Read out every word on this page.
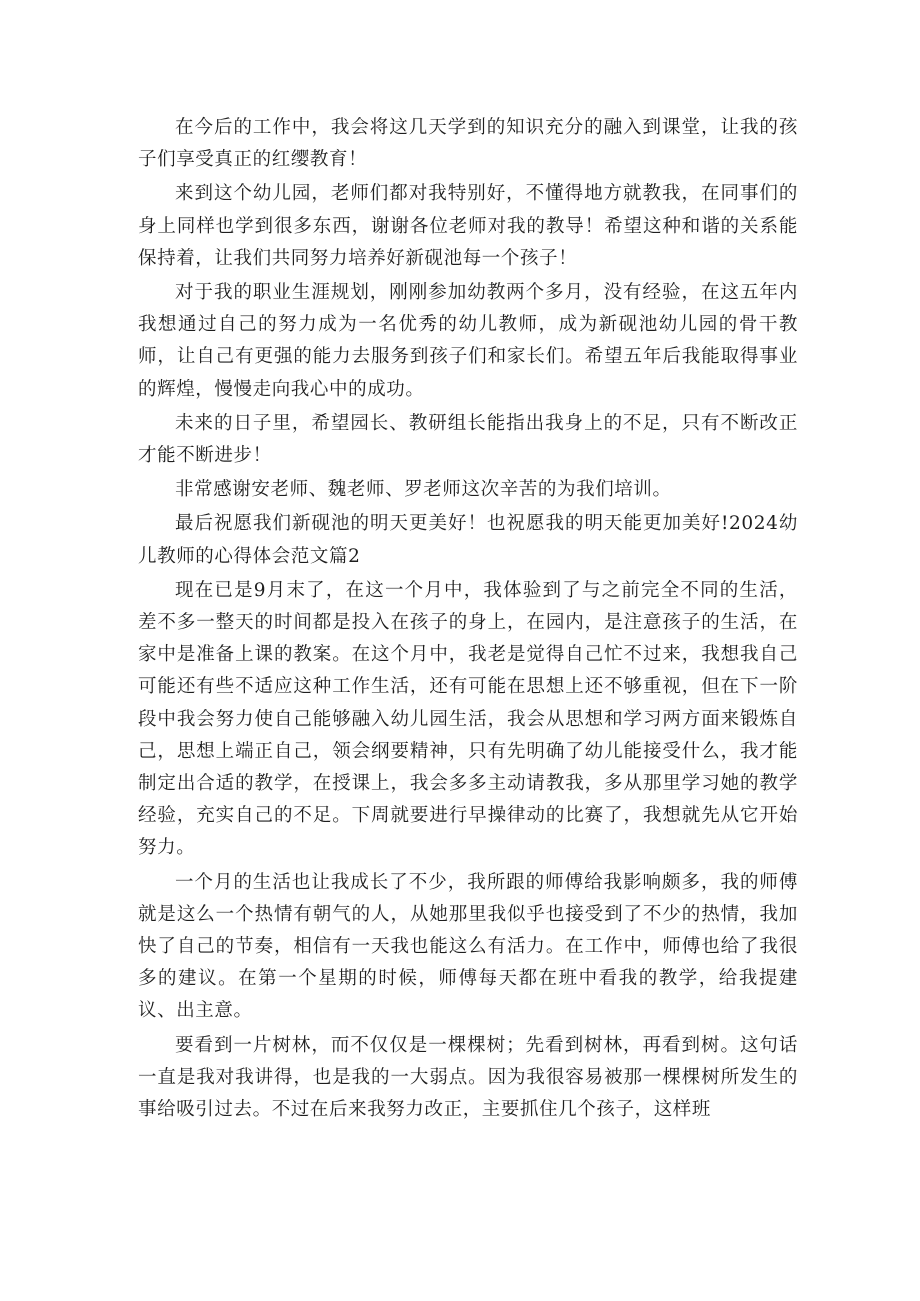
在今后的工作中，我会将这几天学到的知识充分的融入到课堂，让我的孩子们享受真正的红缨教育！

来到这个幼儿园，老师们都对我特别好，不懂得地方就教我，在同事们的身上同样也学到很多东西，谢谢各位老师对我的教导！希望这种和谐的关系能保持着，让我们共同努力培养好新砚池每一个孩子！

对于我的职业生涯规划，刚刚参加幼教两个多月，没有经验，在这五年内我想通过自己的努力成为一名优秀的幼儿教师，成为新砚池幼儿园的骨干教师，让自己有更强的能力去服务到孩子们和家长们。希望五年后我能取得事业的辉煌，慢慢走向我心中的成功。

未来的日子里，希望园长、教研组长能指出我身上的不足，只有不断改正才能不断进步！

非常感谢安老师、魏老师、罗老师这次辛苦的为我们培训。

最后祝愿我们新砚池的明天更美好！也祝愿我的明天能更加美好!2024幼儿教师的心得体会范文篇2

现在已是9月末了，在这一个月中，我体验到了与之前完全不同的生活，差不多一整天的时间都是投入在孩子的身上，在园内，是注意孩子的生活，在家中是准备上课的教案。在这个月中，我老是觉得自己忙不过来，我想我自己可能还有些不适应这种工作生活，还有可能在思想上还不够重视，但在下一阶段中我会努力使自己能够融入幼儿园生活，我会从思想和学习两方面来锻炼自己，思想上端正自己，领会纲要精神，只有先明确了幼儿能接受什么，我才能制定出合适的教学，在授课上，我会多多主动请教我，多从那里学习她的教学经验，充实自己的不足。下周就要进行早操律动的比赛了，我想就先从它开始努力。

一个月的生活也让我成长了不少，我所跟的师傅给我影响颇多，我的师傅就是这么一个热情有朝气的人，从她那里我似乎也接受到了不少的热情，我加快了自己的节奏，相信有一天我也能这么有活力。在工作中，师傅也给了我很多的建议。在第一个星期的时候，师傅每天都在班中看我的教学，给我提建议、出主意。

要看到一片树林，而不仅仅是一棵棵树；先看到树林，再看到树。这句话一直是我对我讲得，也是我的一大弱点。因为我很容易被那一棵棵树所发生的事给吸引过去。不过在后来我努力改正，主要抓住几个孩子，这样班
